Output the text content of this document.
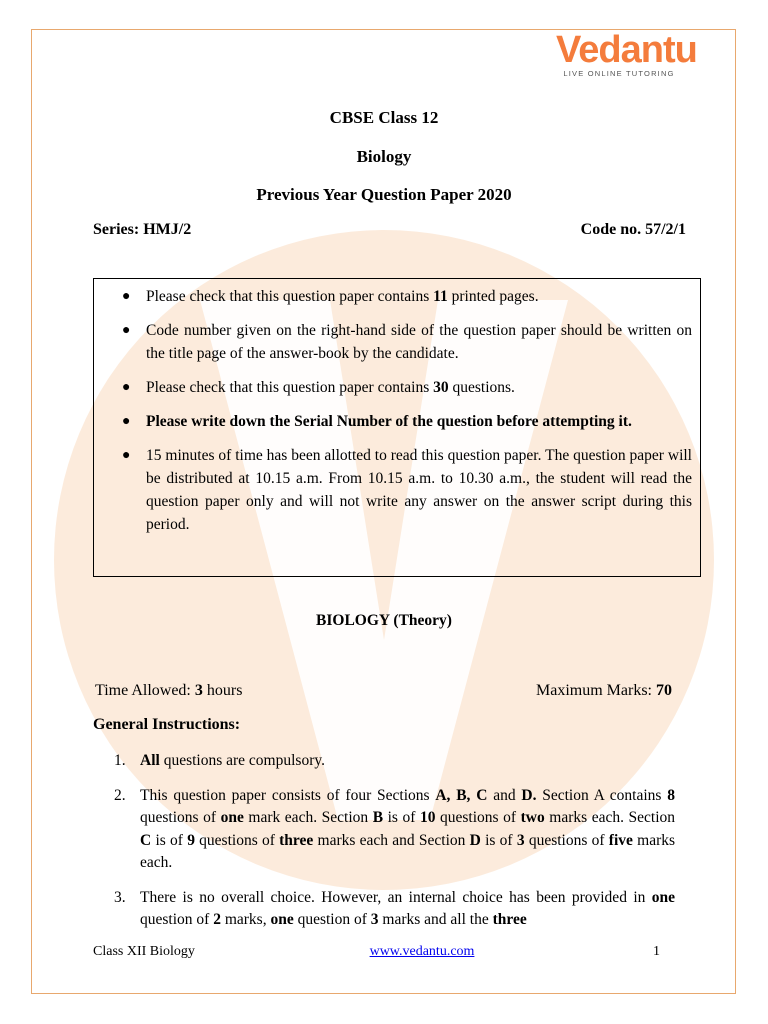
Vedantu
LIVE ONLINE TUTORING
CBSE Class 12
Biology
Previous Year Question Paper 2020
Series: HMJ/2	Code no. 57/2/1
● Please check that this question paper contains 11 printed pages.
● Code number given on the right-hand side of the question paper should be written on the title page of the answer-book by the candidate.
● Please check that this question paper contains 30 questions.
● Please write down the Serial Number of the question before attempting it.
● 15 minutes of time has been allotted to read this question paper. The question paper will be distributed at 10.15 a.m. From 10.15 a.m. to 10.30 a.m., the student will read the question paper only and will not write any answer on the answer script during this period.
BIOLOGY (Theory)
Time Allowed: 3 hours	Maximum Marks: 70
General Instructions:
1. All questions are compulsory.
2. This question paper consists of four Sections A, B, C and D. Section A contains 8 questions of one mark each. Section B is of 10 questions of two marks each. Section C is of 9 questions of three marks each and Section D is of 3 questions of five marks each.
3. There is no overall choice. However, an internal choice has been provided in one question of 2 marks, one question of 3 marks and all the three
Class XII Biology	www.vedantu.com	1
